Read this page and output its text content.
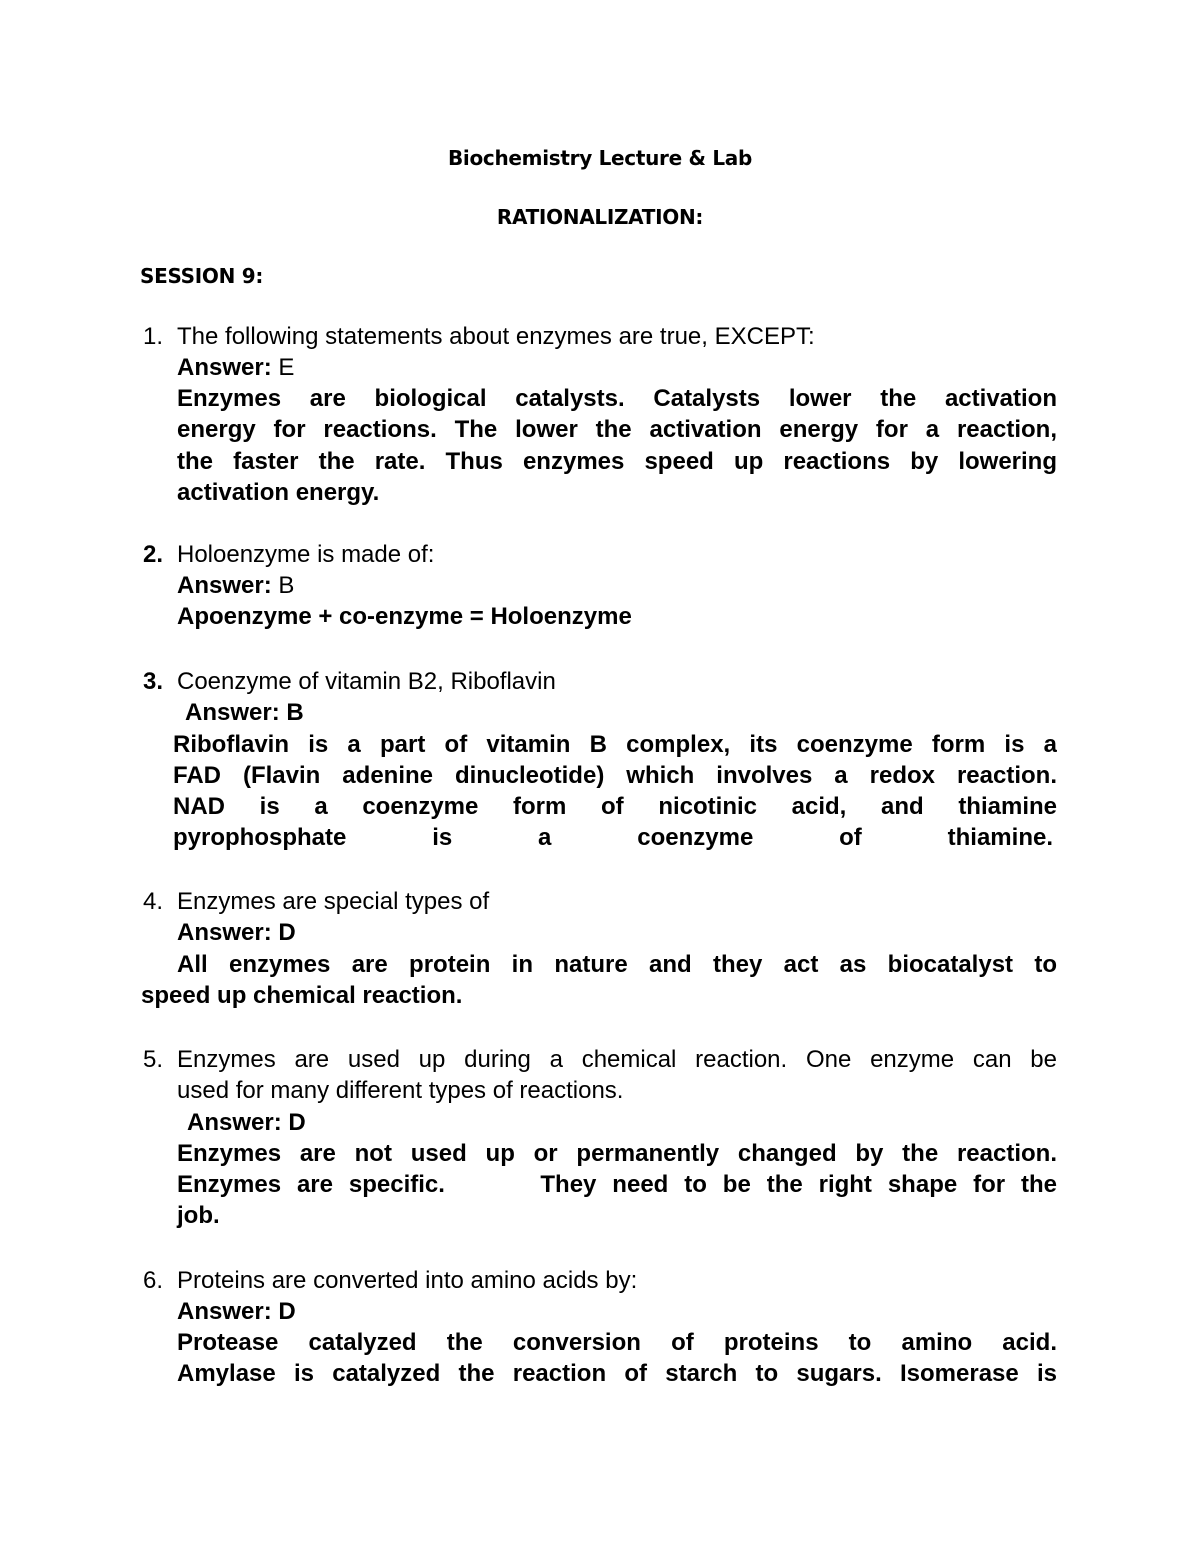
Biochemistry Lecture & Lab
RATIONALIZATION:
SESSION 9:
1. The following statements about enzymes are true, EXCEPT:
Answer: E
Enzymes are biological catalysts. Catalysts lower the activation
energy for reactions. The lower the activation energy for a reaction,
the faster the rate. Thus enzymes speed up reactions by lowering
activation energy.
2. Holoenzyme is made of:
Answer: B
Apoenzyme + co-enzyme = Holoenzyme
3. Coenzyme of vitamin B2, Riboflavin
Answer: B
Riboflavin is a part of vitamin B complex, its coenzyme form is a
FAD (Flavin adenine dinucleotide) which involves a redox reaction.
NAD is a coenzyme form of nicotinic acid, and thiamine
pyrophosphate is a coenzyme of thiamine.
4. Enzymes are special types of
Answer: D
All enzymes are protein in nature and they act as biocatalyst to
speed up chemical reaction.
5. Enzymes are used up during a chemical reaction. One enzyme can be
used for many different types of reactions.
Answer: D
Enzymes are not used up or permanently changed by the reaction.
Enzymes are specific.      They need to be the right shape for the
job.
6. Proteins are converted into amino acids by:
Answer: D
Protease catalyzed the conversion of proteins to amino acid.
Amylase is catalyzed the reaction of starch to sugars. Isomerase is
